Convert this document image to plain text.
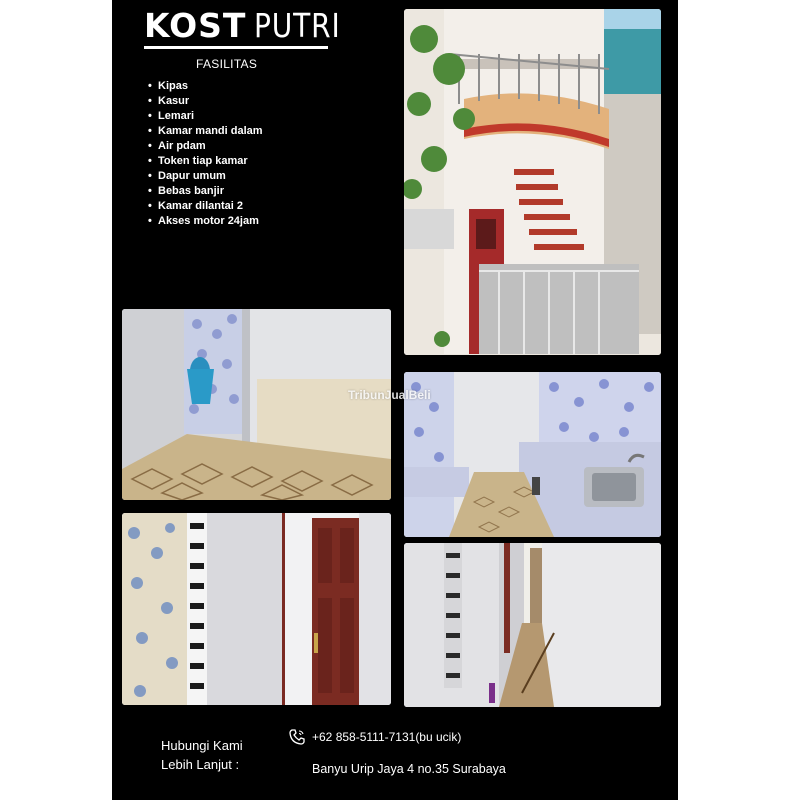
KOST PUTRI
FASILITAS
• Kipas
• Kasur
• Lemari
• Kamar mandi dalam
• Air pdam
• Token tiap kamar
• Dapur umum
• Bebas banjir
• Kamar dilantai 2
• Akses motor 24jam
TribunJualBeli
Hubungi Kami
Lebih Lanjut :
+62 858-5111-7131(bu ucik)
Banyu Urip Jaya 4 no.35 Surabaya
